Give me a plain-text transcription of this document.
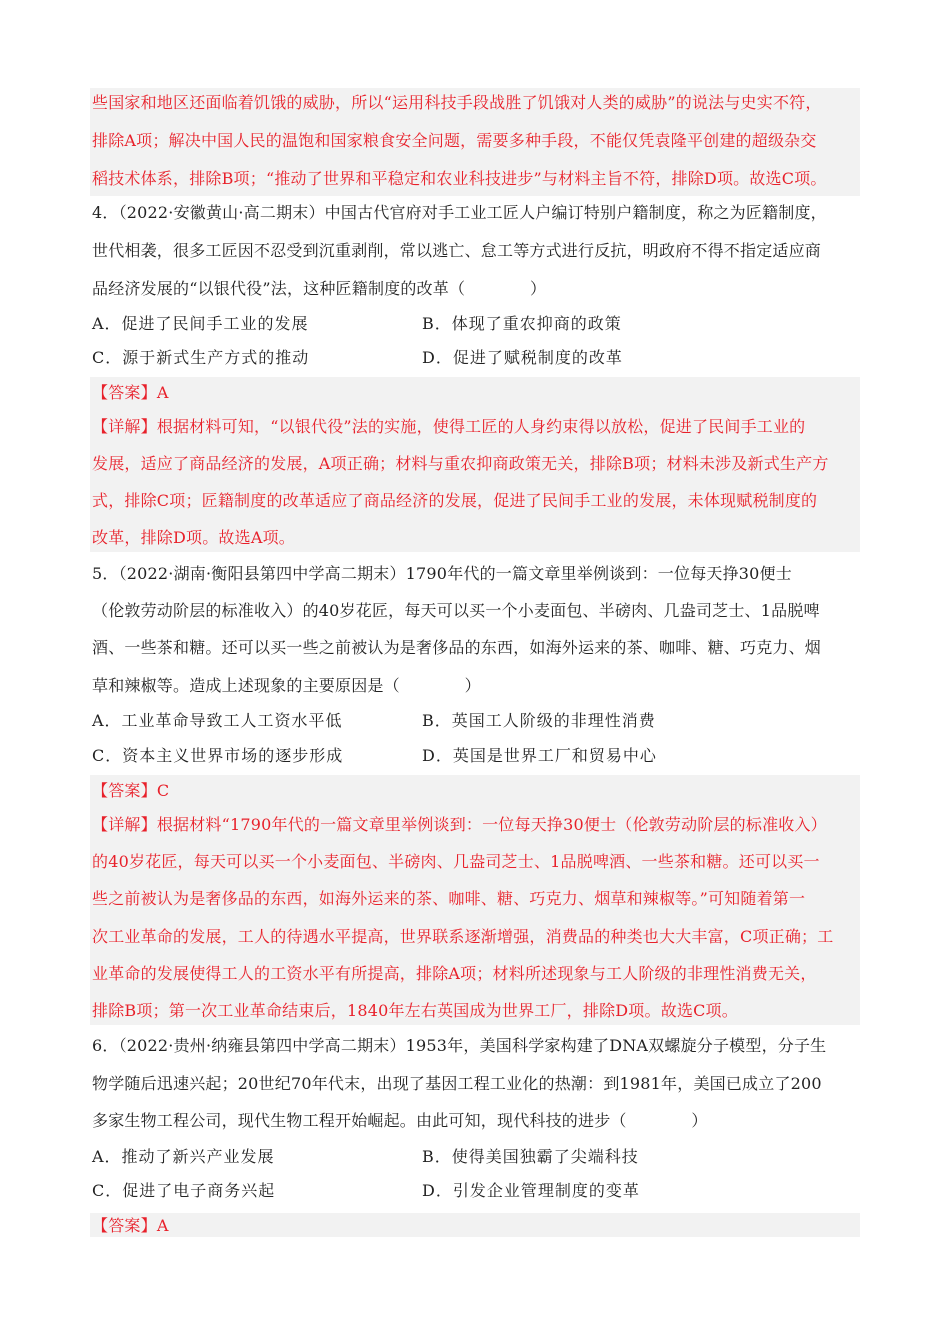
些国家和地区还面临着饥饿的威胁，所以“运用科技手段战胜了饥饿对人类的威胁”的说法与史实不符，
排除A项；解决中国人民的温饱和国家粮食安全问题，需要多种手段，不能仅凭袁隆平创建的超级杂交
稻技术体系，排除B项；“推动了世界和平稳定和农业科技进步”与材料主旨不符，排除D项。故选C项。
4．（2022·安徽黄山·高二期末）中国古代官府对手工业工匠人户编订特别户籍制度，称之为匠籍制度，
世代相袭，很多工匠因不忍受到沉重剥削，常以逃亡、怠工等方式进行反抗，明政府不得不指定适应商
品经济发展的“以银代役”法，这种匠籍制度的改革（　　　　）
A．促进了民间手工业的发展	B．体现了重农抑商的政策
C．源于新式生产方式的推动	D．促进了赋税制度的改革
【答案】A
【详解】根据材料可知，“以银代役”法的实施，使得工匠的人身约束得以放松，促进了民间手工业的
发展，适应了商品经济的发展，A项正确；材料与重农抑商政策无关，排除B项；材料未涉及新式生产方
式，排除C项；匠籍制度的改革适应了商品经济的发展，促进了民间手工业的发展，未体现赋税制度的
改革，排除D项。故选A项。
5．（2022·湖南·衡阳县第四中学高二期末）1790年代的一篇文章里举例谈到：一位每天挣30便士
（伦敦劳动阶层的标准收入）的40岁花匠，每天可以买一个小麦面包、半磅肉、几盎司芝士、1品脱啤
酒、一些茶和糖。还可以买一些之前被认为是奢侈品的东西，如海外运来的茶、咖啡、糖、巧克力、烟
草和辣椒等。造成上述现象的主要原因是（　　　　）
A．工业革命导致工人工资水平低	B．英国工人阶级的非理性消费
C．资本主义世界市场的逐步形成	D．英国是世界工厂和贸易中心
【答案】C
【详解】根据材料“1790年代的一篇文章里举例谈到：一位每天挣30便士（伦敦劳动阶层的标准收入）
的40岁花匠，每天可以买一个小麦面包、半磅肉、几盎司芝士、1品脱啤酒、一些茶和糖。还可以买一
些之前被认为是奢侈品的东西，如海外运来的茶、咖啡、糖、巧克力、烟草和辣椒等。”可知随着第一
次工业革命的发展，工人的待遇水平提高，世界联系逐渐增强，消费品的种类也大大丰富，C项正确；工
业革命的发展使得工人的工资水平有所提高，排除A项；材料所述现象与工人阶级的非理性消费无关，
排除B项；第一次工业革命结束后，1840年左右英国成为世界工厂，排除D项。故选C项。
6．（2022·贵州·纳雍县第四中学高二期末）1953年，美国科学家构建了DNA双螺旋分子模型，分子生
物学随后迅速兴起；20世纪70年代末，出现了基因工程工业化的热潮：到1981年，美国已成立了200
多家生物工程公司，现代生物工程开始崛起。由此可知，现代科技的进步（　　　　）
A．推动了新兴产业发展	B．使得美国独霸了尖端科技
C．促进了电子商务兴起	D．引发企业管理制度的变革
【答案】A
